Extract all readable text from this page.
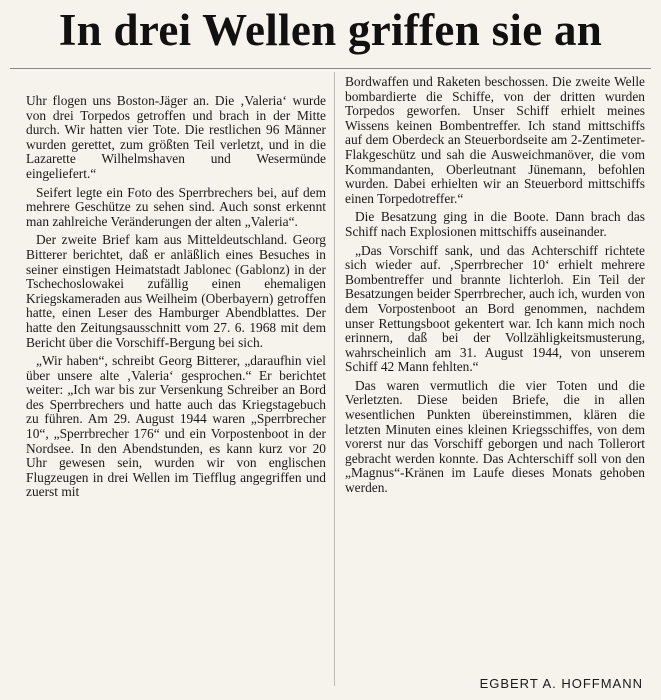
In drei Wellen griffen sie an

Uhr flogen uns Boston-Jäger an. Die ‚Valeria‘ wurde von drei Torpedos getroffen und brach in der Mitte durch. Wir hatten vier Tote. Die restlichen 96 Männer wurden gerettet, zum größten Teil verletzt, und in die Lazarette Wilhelmshaven und Wesermünde eingeliefert.“

Seifert legte ein Foto des Sperrbrechers bei, auf dem mehrere Geschütze zu sehen sind. Auch sonst erkennt man zahlreiche Veränderungen der alten „Valeria“.

Der zweite Brief kam aus Mitteldeutschland. Georg Bitterer berichtet, daß er anläßlich eines Besuches in seiner einstigen Heimatstadt Jablonec (Gablonz) in der Tschechoslowakei zufällig einen ehemaligen Kriegskameraden aus Weilheim (Oberbayern) getroffen hatte, einen Leser des Hamburger Abendblattes. Der hatte den Zeitungsausschnitt vom 27. 6. 1968 mit dem Bericht über die Vorschiff-Bergung bei sich.

„Wir haben“, schreibt Georg Bitterer, „daraufhin viel über unsere alte ‚Valeria‘ gesprochen.“ Er berichtet weiter: „Ich war bis zur Versenkung Schreiber an Bord des Sperrbrechers und hatte auch das Kriegstagebuch zu führen. Am 29. August 1944 waren „Sperrbrecher 10“, „Sperrbrecher 176“ und ein Vorpostenboot in der Nordsee. In den Abendstunden, es kann kurz vor 20 Uhr gewesen sein, wurden wir von englischen Flugzeugen in drei Wellen im Tiefflug angegriffen und zuerst mit

Bordwaffen und Raketen beschossen. Die zweite Welle bombardierte die Schiffe, von der dritten wurden Torpedos geworfen. Unser Schiff erhielt meines Wissens keinen Bombentreffer. Ich stand mittschiffs auf dem Oberdeck an Steuerbordseite am 2-Zentimeter-Flakgeschütz und sah die Ausweichmanöver, die vom Kommandanten, Oberleutnant Jünemann, befohlen wurden. Dabei erhielten wir an Steuerbord mittschiffs einen Torpedotreffer.“

Die Besatzung ging in die Boote. Dann brach das Schiff nach Explosionen mittschiffs auseinander.

„Das Vorschiff sank, und das Achterschiff richtete sich wieder auf. ‚Sperrbrecher 10‘ erhielt mehrere Bombentreffer und brannte lichterloh. Ein Teil der Besatzungen beider Sperrbrecher, auch ich, wurden von dem Vorpostenboot an Bord genommen, nachdem unser Rettungsboot gekentert war. Ich kann mich noch erinnern, daß bei der Vollzähligkeitsmusterung, wahrscheinlich am 31. August 1944, von unserem Schiff 42 Mann fehlten.“

Das waren vermutlich die vier Toten und die Verletzten. Diese beiden Briefe, die in allen wesentlichen Punkten übereinstimmen, klären die letzten Minuten eines kleinen Kriegsschiffes, von dem vorerst nur das Vorschiff geborgen und nach Tollerort gebracht werden konnte. Das Achterschiff soll von den „Magnus“-Kränen im Laufe dieses Monats gehoben werden.

EGBERT A. HOFFMANN
